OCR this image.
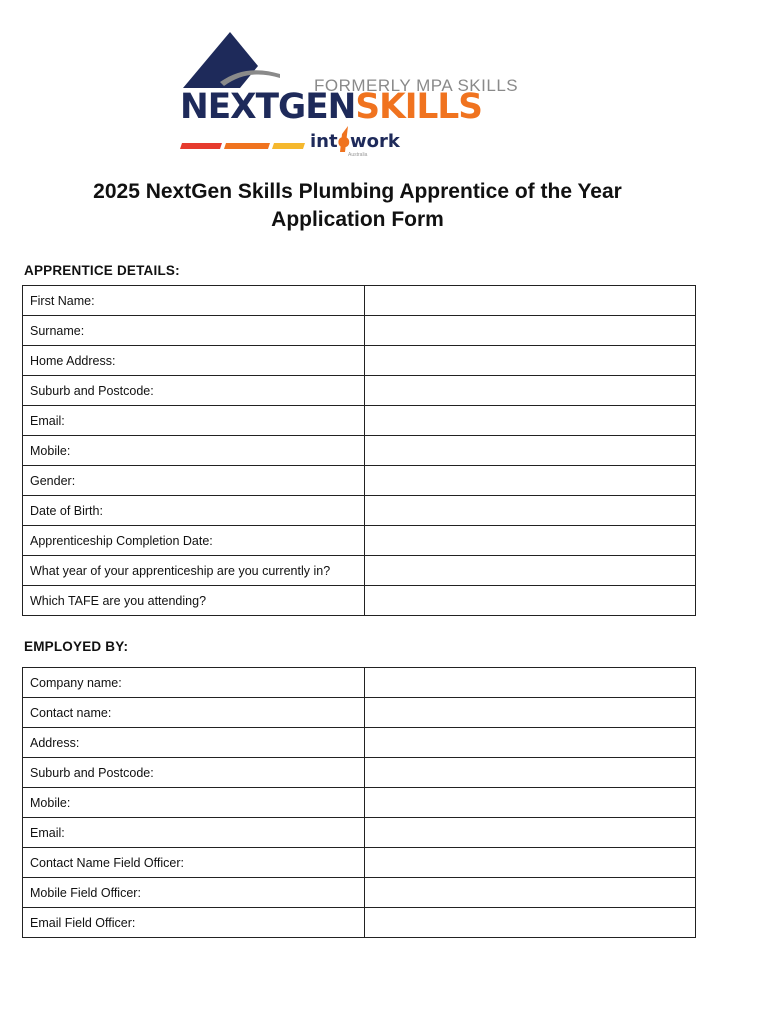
FORMERLY MPA SKILLS
NEXTGENSKILLS
intowork
Australia
2025 NextGen Skills Plumbing Apprentice of the Year
Application Form
APPRENTICE DETAILS:
First Name:	
Surname:	
Home Address:	
Suburb and Postcode:	
Email:	
Mobile:	
Gender:	
Date of Birth:	
Apprenticeship Completion Date:	
What year of your apprenticeship are you currently in?	
Which TAFE are you attending?	
EMPLOYED BY:
Company name:	
Contact name:	
Address:	
Suburb and Postcode:	
Mobile:	
Email:	
Contact Name Field Officer:	
Mobile Field Officer:	
Email Field Officer:	
